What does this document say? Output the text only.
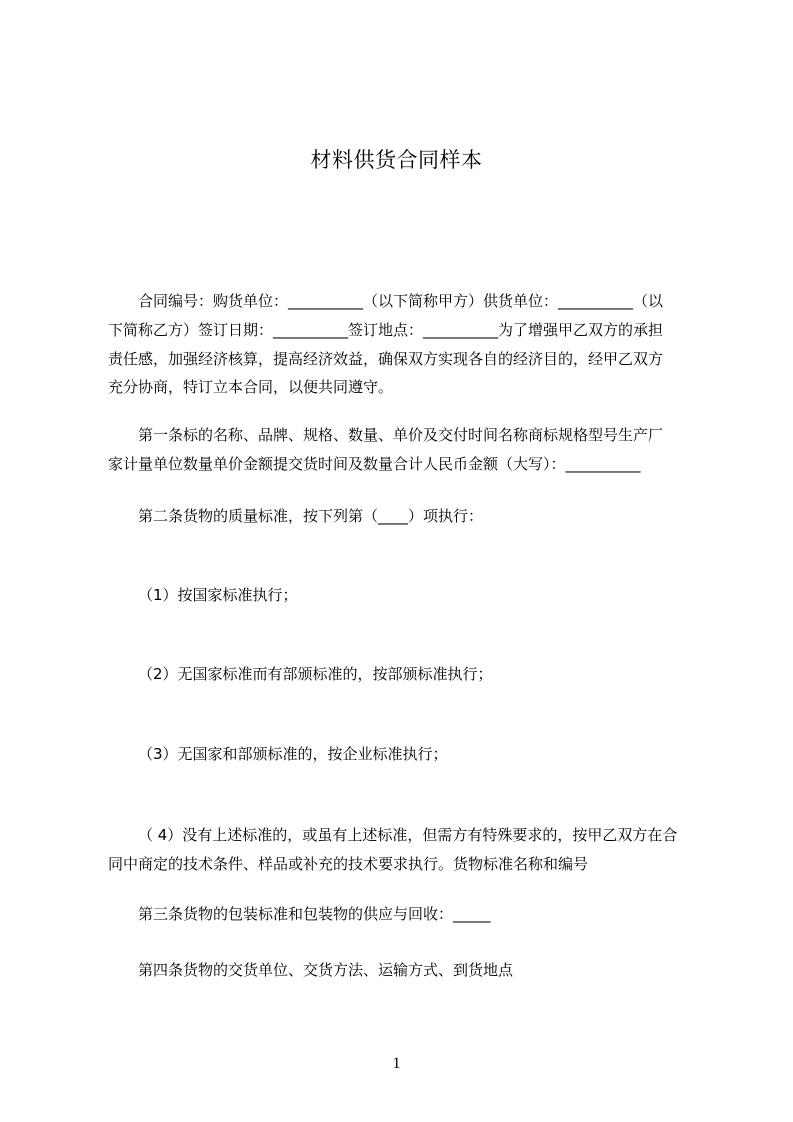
材料供货合同样本
合同编号：购货单位：__________（以下简称甲方）供货单位：__________（以
下简称乙方）签订日期：__________签订地点：__________为了增强甲乙双方的承担
责任感，加强经济核算，提高经济效益，确保双方实现各自的经济目的，经甲乙双方
充分协商，特订立本合同，以便共同遵守。
第一条标的名称、品牌、规格、数量、单价及交付时间名称商标规格型号生产厂
家计量单位数量单价金额提交货时间及数量合计人民币金额（大写）：__________
第二条货物的质量标准，按下列第（____）项执行：
（1）按国家标准执行；
（2）无国家标准而有部颁标准的，按部颁标准执行；
（3）无国家和部颁标准的，按企业标准执行；
（ 4）没有上述标准的，或虽有上述标准，但需方有特殊要求的，按甲乙双方在合
同中商定的技术条件、样品或补充的技术要求执行。货物标准名称和编号
第三条货物的包装标准和包装物的供应与回收：_____
第四条货物的交货单位、交货方法、运输方式、到货地点
1
